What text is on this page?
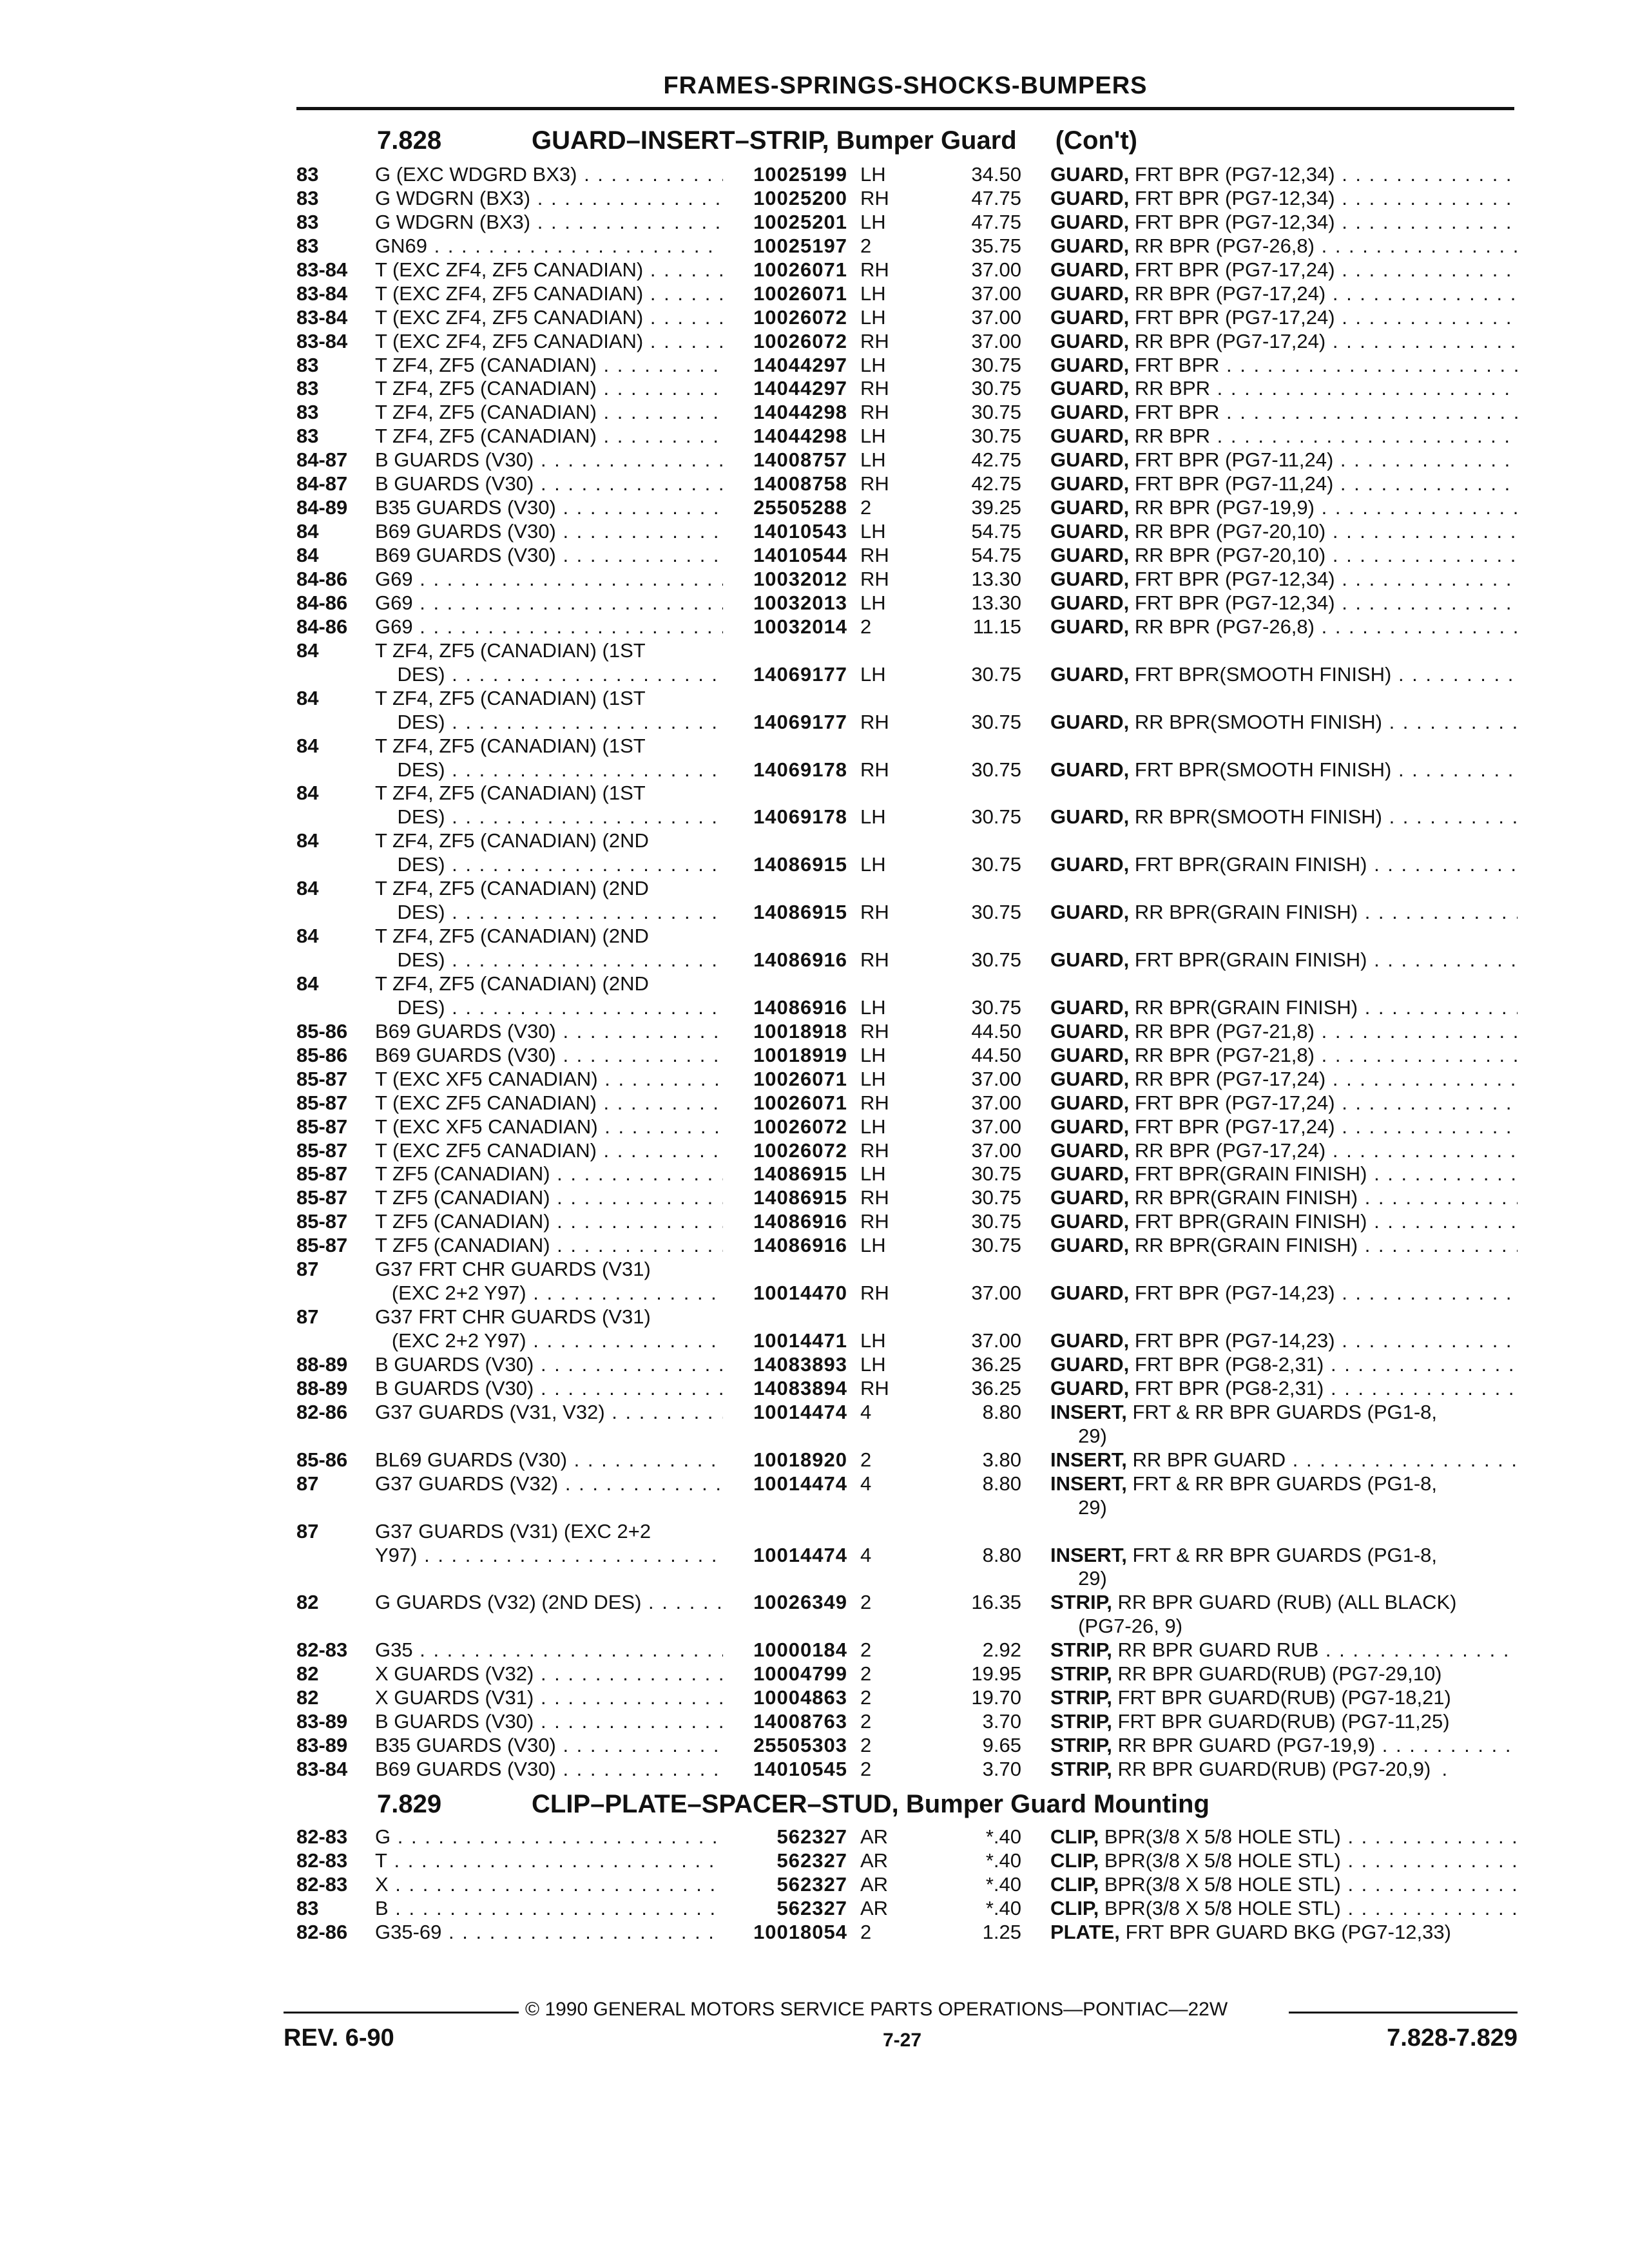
FRAMES-SPRINGS-SHOCKS-BUMPERS
7.828	GUARD–INSERT–STRIP, Bumper Guard (Con't)
83	G (EXC WDGRD BX3) . . .	10025199 LH	34.50 GUARD, FRT BPR (PG7-12,34) . . .
83	G WDGRN (BX3) . . .	10025200 RH	47.75 GUARD, FRT BPR (PG7-12,34) . . .
83	G WDGRN (BX3) . . .	10025201 LH	47.75 GUARD, FRT BPR (PG7-12,34) . . .
83	GN69 . . .	10025197 2	35.75 GUARD, RR BPR (PG7-26,8) . . .
83-84 T (EXC ZF4, ZF5 CANADIAN) . . .	10026071 RH	37.00 GUARD, FRT BPR (PG7-17,24) . . .
83-84 T (EXC ZF4, ZF5 CANADIAN) . . .	10026071 LH	37.00 GUARD, RR BPR (PG7-17,24) . . .
83-84 T (EXC ZF4, ZF5 CANADIAN) . . .	10026072 LH	37.00 GUARD, FRT BPR (PG7-17,24) . . .
83-84 T (EXC ZF4, ZF5 CANADIAN) . . .	10026072 RH	37.00 GUARD, RR BPR (PG7-17,24) . . .
83	T ZF4, ZF5 (CANADIAN) . . .	14044297 LH	30.75 GUARD, FRT BPR . . .
83	T ZF4, ZF5 (CANADIAN) . . .	14044297 RH	30.75 GUARD, RR BPR . . .
83	T ZF4, ZF5 (CANADIAN) . . .	14044298 RH	30.75 GUARD, FRT BPR . . .
83	T ZF4, ZF5 (CANADIAN) . . .	14044298 LH	30.75 GUARD, RR BPR . . .
84-87 B GUARDS (V30) . . .	14008757 LH	42.75 GUARD, FRT BPR (PG7-11,24) . . .
84-87 B GUARDS (V30) . . .	14008758 RH	42.75 GUARD, FRT BPR (PG7-11,24) . . .
84-89 B35 GUARDS (V30) . . .	25505288 2	39.25 GUARD, RR BPR (PG7-19,9) . . .
84	B69 GUARDS (V30) . . .	14010543 LH	54.75 GUARD, RR BPR (PG7-20,10) . . .
84	B69 GUARDS (V30) . . .	14010544 RH	54.75 GUARD, RR BPR (PG7-20,10) . . .
84-86 G69 . . .	10032012 RH	13.30 GUARD, FRT BPR (PG7-12,34) . . .
84-86 G69 . . .	10032013 LH	13.30 GUARD, FRT BPR (PG7-12,34) . . .
84-86 G69 . . .	10032014 2	11.15 GUARD, RR BPR (PG7-26,8) . . .
84	T ZF4, ZF5 (CANADIAN) (1ST
DES) . . .	14069177 LH	30.75 GUARD, FRT BPR(SMOOTH FINISH) . . .
84	T ZF4, ZF5 (CANADIAN) (1ST
DES) . . .	14069177 RH	30.75 GUARD, RR BPR(SMOOTH FINISH) . . .
84	T ZF4, ZF5 (CANADIAN) (1ST
DES) . . .	14069178 RH	30.75 GUARD, FRT BPR(SMOOTH FINISH) . . .
84	T ZF4, ZF5 (CANADIAN) (1ST
DES) . . .	14069178 LH	30.75 GUARD, RR BPR(SMOOTH FINISH) . . .
84	T ZF4, ZF5 (CANADIAN) (2ND
DES) . . .	14086915 LH	30.75 GUARD, FRT BPR(GRAIN FINISH) . . .
84	T ZF4, ZF5 (CANADIAN) (2ND
DES) . . .	14086915 RH	30.75 GUARD, RR BPR(GRAIN FINISH) . . .
84	T ZF4, ZF5 (CANADIAN) (2ND
DES) . . .	14086916 RH	30.75 GUARD, FRT BPR(GRAIN FINISH) . . .
84	T ZF4, ZF5 (CANADIAN) (2ND
DES) . . .	14086916 LH	30.75 GUARD, RR BPR(GRAIN FINISH) . . .
85-86 B69 GUARDS (V30) . . .	10018918 RH	44.50 GUARD, RR BPR (PG7-21,8) . . .
85-86 B69 GUARDS (V30) . . .	10018919 LH	44.50 GUARD, RR BPR (PG7-21,8) . . .
85-87 T (EXC XF5 CANADIAN) . . .	10026071 LH	37.00 GUARD, RR BPR (PG7-17,24) . . .
85-87 T (EXC ZF5 CANADIAN) . . .	10026071 RH	37.00 GUARD, FRT BPR (PG7-17,24) . . .
85-87 T (EXC XF5 CANADIAN) . . .	10026072 LH	37.00 GUARD, FRT BPR (PG7-17,24) . . .
85-87 T (EXC ZF5 CANADIAN) . . .	10026072 RH	37.00 GUARD, RR BPR (PG7-17,24) . . .
85-87 T ZF5 (CANADIAN) . . .	14086915 LH	30.75 GUARD, FRT BPR(GRAIN FINISH) . . .
85-87 T ZF5 (CANADIAN) . . .	14086915 RH	30.75 GUARD, RR BPR(GRAIN FINISH) . . .
85-87 T ZF5 (CANADIAN) . . .	14086916 RH	30.75 GUARD, FRT BPR(GRAIN FINISH) . . .
85-87 T ZF5 (CANADIAN) . . .	14086916 LH	30.75 GUARD, RR BPR(GRAIN FINISH) . . .
87	G37 FRT CHR GUARDS (V31)
(EXC 2+2 Y97) . . .	10014470 RH	37.00 GUARD, FRT BPR (PG7-14,23) . . .
87	G37 FRT CHR GUARDS (V31)
(EXC 2+2 Y97) . . .	10014471 LH	37.00 GUARD, FRT BPR (PG7-14,23) . . .
88-89 B GUARDS (V30) . . .	14083893 LH	36.25 GUARD, FRT BPR (PG8-2,31) . . .
88-89 B GUARDS (V30) . . .	14083894 RH	36.25 GUARD, FRT BPR (PG8-2,31) . . .
82-86 G37 GUARDS (V31, V32) . . .	10014474 4	8.80 INSERT, FRT & RR BPR GUARDS (PG1-8,
29)
85-86 BL69 GUARDS (V30) . . .	10018920 2	3.80 INSERT, RR BPR GUARD . . .
87	G37 GUARDS (V32) . . .	10014474 4	8.80 INSERT, FRT & RR BPR GUARDS (PG1-8,
29)
87	G37 GUARDS (V31) (EXC 2+2
Y97) . . .	10014474 4	8.80 INSERT, FRT & RR BPR GUARDS (PG1-8,
29)
82	G GUARDS (V32) (2ND DES) . . .	10026349 2	16.35 STRIP, RR BPR GUARD (RUB) (ALL BLACK)
(PG7-26, 9)
82-83 G35 . . .	10000184 2	2.92 STRIP, RR BPR GUARD RUB . . .
82	X GUARDS (V32) . . .	10004799 2	19.95 STRIP, RR BPR GUARD(RUB) (PG7-29,10)
82	X GUARDS (V31) . . .	10004863 2	19.70 STRIP, FRT BPR GUARD(RUB) (PG7-18,21)
83-89 B GUARDS (V30) . . .	14008763 2	3.70 STRIP, FRT BPR GUARD(RUB) (PG7-11,25)
83-89 B35 GUARDS (V30) . . .	25505303 2	9.65 STRIP, RR BPR GUARD (PG7-19,9) . . .
83-84 B69 GUARDS (V30) . . .	14010545 2	3.70 STRIP, RR BPR GUARD(RUB) (PG7-20,9)  .
7.829	CLIP–PLATE–SPACER–STUD, Bumper Guard Mounting
82-83 G . . .	562327 AR	*.40 CLIP, BPR(3/8 X 5/8 HOLE STL) . . .
82-83 T . . .	562327 AR	*.40 CLIP, BPR(3/8 X 5/8 HOLE STL) . . .
82-83 X . . .	562327 AR	*.40 CLIP, BPR(3/8 X 5/8 HOLE STL) . . .
83	B . . .	562327 AR	*.40 CLIP, BPR(3/8 X 5/8 HOLE STL) . . .
82-86 G35-69 . . .	10018054 2	1.25 PLATE, FRT BPR GUARD BKG (PG7-12,33)
© 1990 GENERAL MOTORS SERVICE PARTS OPERATIONS—PONTIAC—22W
REV. 6-90	7-27	7.828-7.829
